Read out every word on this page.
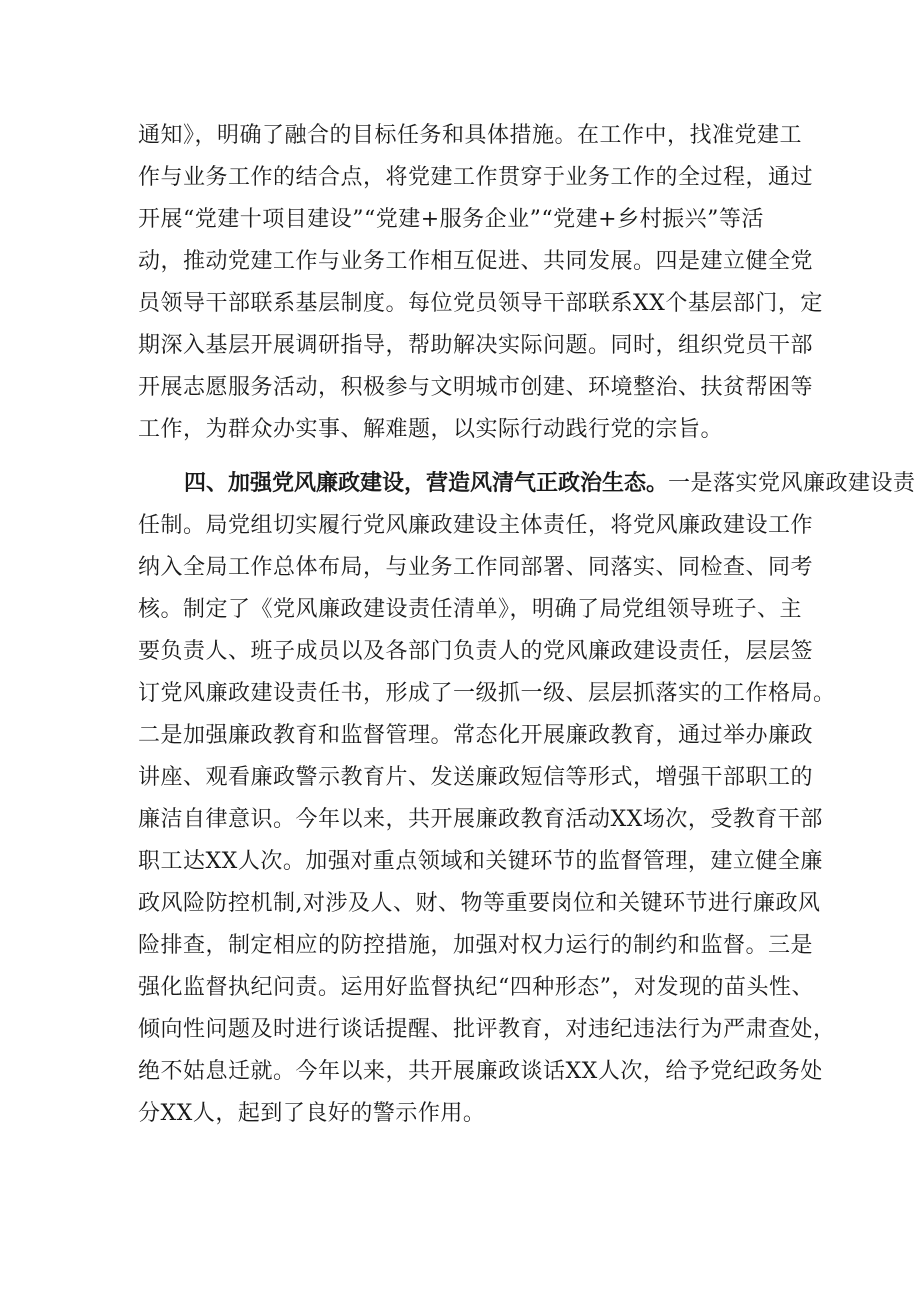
通知》，明确了融合的目标任务和具体措施。在工作中，找准党建工
作与业务工作的结合点，将党建工作贯穿于业务工作的全过程，通过
开展“党建十项目建设”“党建+服务企业”“党建+乡村振兴”等活
动，推动党建工作与业务工作相互促进、共同发展。四是建立健全党
员领导干部联系基层制度。每位党员领导干部联系XX个基层部门，定
期深入基层开展调研指导，帮助解决实际问题。同时，组织党员干部
开展志愿服务活动，积极参与文明城市创建、环境整治、扶贫帮困等
工作，为群众办实事、解难题，以实际行动践行党的宗旨。
四、加强党风廉政建设，营造风清气正政治生态。一是落实党风廉政建设责
任制。局党组切实履行党风廉政建设主体责任，将党风廉政建设工作
纳入全局工作总体布局，与业务工作同部署、同落实、同检查、同考
核。制定了《党风廉政建设责任清单》，明确了局党组领导班子、主
要负责人、班子成员以及各部门负责人的党风廉政建设责任，层层签
订党风廉政建设责任书，形成了一级抓一级、层层抓落实的工作格局。
二是加强廉政教育和监督管理。常态化开展廉政教育，通过举办廉政
讲座、观看廉政警示教育片、发送廉政短信等形式，增强干部职工的
廉洁自律意识。今年以来，共开展廉政教育活动XX场次，受教育干部
职工达XX人次。加强对重点领域和关键环节的监督管理，建立健全廉
政风险防控机制,对涉及人、财、物等重要岗位和关键环节进行廉政风
险排查，制定相应的防控措施，加强对权力运行的制约和监督。三是
强化监督执纪问责。运用好监督执纪“四种形态”，对发现的苗头性、
倾向性问题及时进行谈话提醒、批评教育，对违纪违法行为严肃查处，
绝不姑息迁就。今年以来，共开展廉政谈话XX人次，给予党纪政务处
分XX人，起到了良好的警示作用。
